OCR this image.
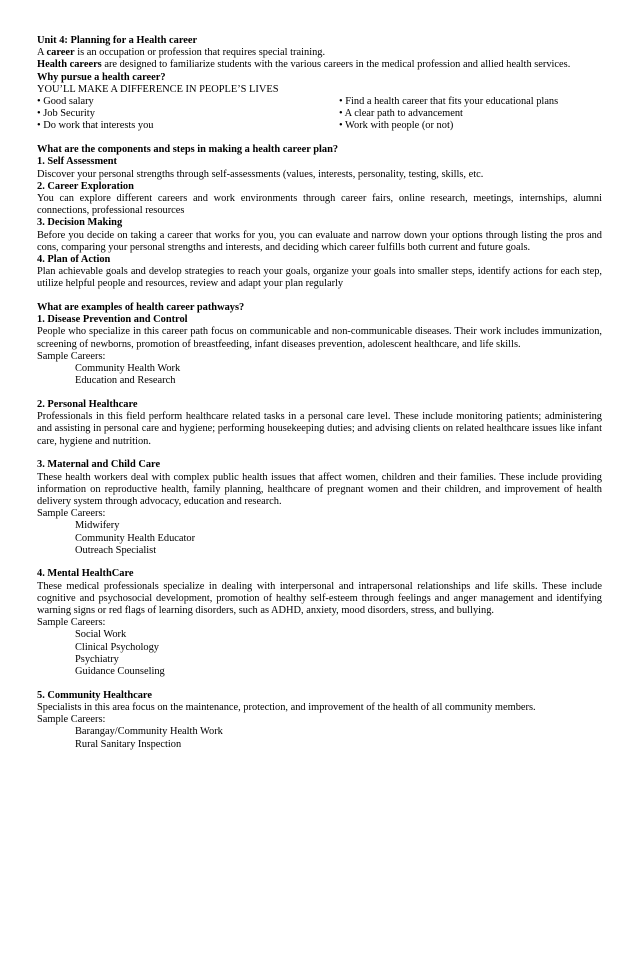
Unit 4: Planning for a Health career

A career is an occupation or profession that requires special training.

Health careers are designed to familiarize students with the various careers in the medical profession and allied health services.

Why pursue a health career?

YOU’LL MAKE A DIFFERENCE IN PEOPLE’S LIVES

• Good salary

• Job Security

• Do work that interests you

• Find a health career that fits your educational plans

• A clear path to advancement

• Work with people (or not)

What are the components and steps in making a health career plan?

1. Self Assessment

Discover your personal strengths through self-assessments (values, interests, personality, testing, skills, etc.

2. Career Exploration

You can explore different careers and work environments through career fairs, online research, meetings, internships, alumni connections, professional resources

3. Decision Making

Before you decide on taking a career that works for you, you can evaluate and narrow down your options through listing the pros and cons, comparing your personal strengths and interests, and deciding which career fulfills both current and future goals.

4. Plan of Action

Plan achievable goals and develop strategies to reach your goals, organize your goals into smaller steps, identify actions for each step, utilize helpful people and resources, review and adapt your plan regularly

What are examples of health career pathways?

1. Disease Prevention and Control

People who specialize in this career path focus on communicable and non-communicable diseases. Their work includes immunization, screening of newborns, promotion of breastfeeding, infant diseases prevention, adolescent healthcare, and life skills.

Sample Careers:

Community Health Work

Education and Research

2. Personal Healthcare

Professionals in this field perform healthcare related tasks in a personal care level. These include monitoring patients; administering and assisting in personal care and hygiene; performing housekeeping duties; and advising clients on related healthcare issues like infant care, hygiene and nutrition.

3. Maternal and Child Care

These health workers deal with complex public health issues that affect women, children and their families. These include providing information on reproductive health, family planning, healthcare of pregnant women and their children, and improvement of health delivery system through advocacy, education and research.

Sample Careers:

Midwifery

Community Health Educator

Outreach Specialist

4. Mental HealthCare

These medical professionals specialize in dealing with interpersonal and intrapersonal relationships and life skills. These include cognitive and psychosocial development, promotion of healthy self-esteem through feelings and anger management and identifying warning signs or red flags of learning disorders, such as ADHD, anxiety, mood disorders, stress, and bullying.

Sample Careers:

Social Work

Clinical Psychology

Psychiatry

Guidance Counseling

5. Community Healthcare

Specialists in this area focus on the maintenance, protection, and improvement of the health of all community members.

Sample Careers:

Barangay/Community Health Work

Rural Sanitary Inspection
